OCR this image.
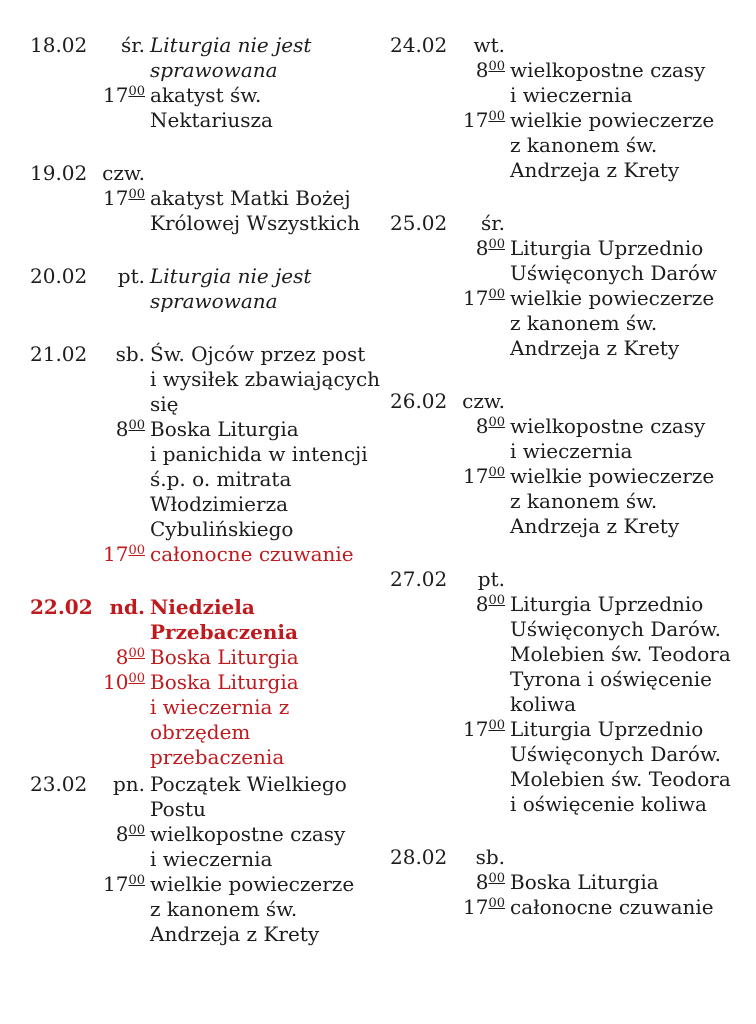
18.02	śr. Liturgia nie jest
sprawowana
$17^{00}$ akatyst św.
Nektariusza
19.02 czw.
$17^{00}$ akatyst Matki Bożej
Królowej Wszystkich
20.02	pt. Liturgia nie jest
sprawowana
21.02	sb. Św. Ojców przez post
i wysiłek zbawiających
się
$8^{00}$ Boska Liturgia
i panichida w intencji
ś.p. o. mitrata
Włodzimierza
Cybulińskiego
$17^{00}$ całonocne czuwanie
22.02 nd. Niedziela
Przebaczenia
$8^{00}$ Boska Liturgia
$10^{00}$ Boska Liturgia
i wieczernia z
obrzędem
przebaczenia
23.02	pn. Początek Wielkiego
Postu
$8^{00}$ wielkopostne czasy
i wieczernia
$17^{00}$ wielkie powieczerze
z kanonem św.
Andrzeja z Krety
24.02	wt.
$8^{00}$ wielkopostne czasy
i wieczernia
$17^{00}$ wielkie powieczerze
z kanonem św.
Andrzeja z Krety
25.02	śr.
$8^{00}$ Liturgia Uprzednio
Uświęconych Darów
$17^{00}$ wielkie powieczerze
z kanonem św.
Andrzeja z Krety
26.02 czw.
$8^{00}$ wielkopostne czasy
i wieczernia
$17^{00}$ wielkie powieczerze
z kanonem św.
Andrzeja z Krety
27.02	pt.
$8^{00}$ Liturgia Uprzednio
Uświęconych Darów.
Molebien św. Teodora
Tyrona i oświęcenie
koliwa
$17^{00}$ Liturgia Uprzednio
Uświęconych Darów.
Molebien św. Teodora
i oświęcenie koliwa
28.02	sb.
$8^{00}$ Boska Liturgia
$17^{00}$ całonocne czuwanie
